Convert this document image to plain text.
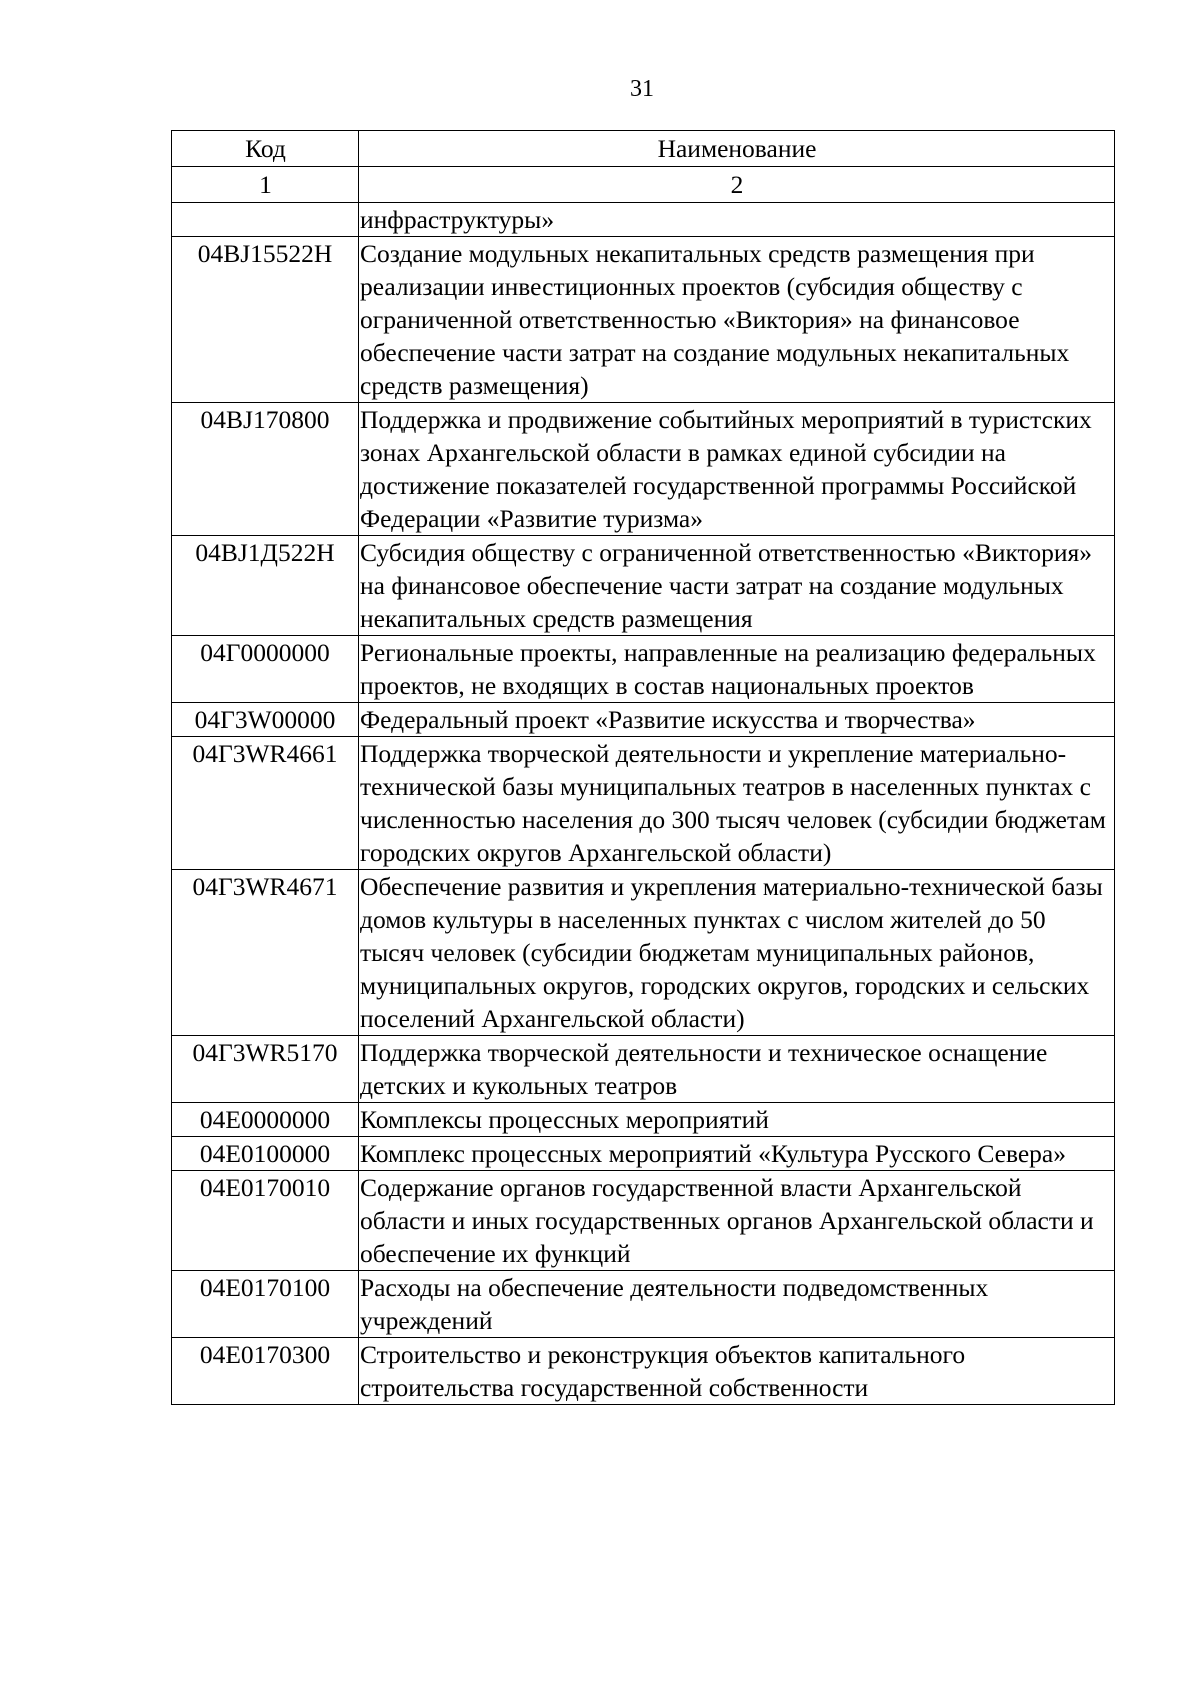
31
Код	Наименование
1	2
	инфраструктуры»
04BJ15522H	Создание модульных некапитальных средств размещения при реализации инвестиционных проектов (субсидия обществу с ограниченной ответственностью «Виктория» на финансовое обеспечение части затрат на создание модульных некапитальных средств размещения)
04BJ170800	Поддержка и продвижение событийных мероприятий в туристских зонах Архангельской области в рамках единой субсидии на достижение показателей государственной программы Российской Федерации «Развитие туризма»
04BJ1Д522H	Субсидия обществу с ограниченной ответственностью «Виктория» на финансовое обеспечение части затрат на создание модульных некапитальных средств размещения
04Г0000000	Региональные проекты, направленные на реализацию федеральных проектов, не входящих в состав национальных проектов
04Г3W00000	Федеральный проект «Развитие искусства и творчества»
04Г3WR4661	Поддержка творческой деятельности и укрепление материально-технической базы муниципальных театров в населенных пунктах с численностью населения до 300 тысяч человек (субсидии бюджетам городских округов Архангельской области)
04Г3WR4671	Обеспечение развития и укрепления материально-технической базы домов культуры в населенных пунктах с числом жителей до 50 тысяч человек (субсидии бюджетам муниципальных районов, муниципальных округов, городских округов, городских и сельских поселений Архангельской области)
04Г3WR5170	Поддержка творческой деятельности и техническое оснащение детских и кукольных театров
04Е0000000	Комплексы процессных мероприятий
04Е0100000	Комплекс процессных мероприятий «Культура Русского Севера»
04Е0170010	Содержание органов государственной власти Архангельской области и иных государственных органов Архангельской области и обеспечение их функций
04Е0170100	Расходы на обеспечение деятельности подведомственных учреждений
04Е0170300	Строительство и реконструкция объектов капитального строительства государственной собственности
